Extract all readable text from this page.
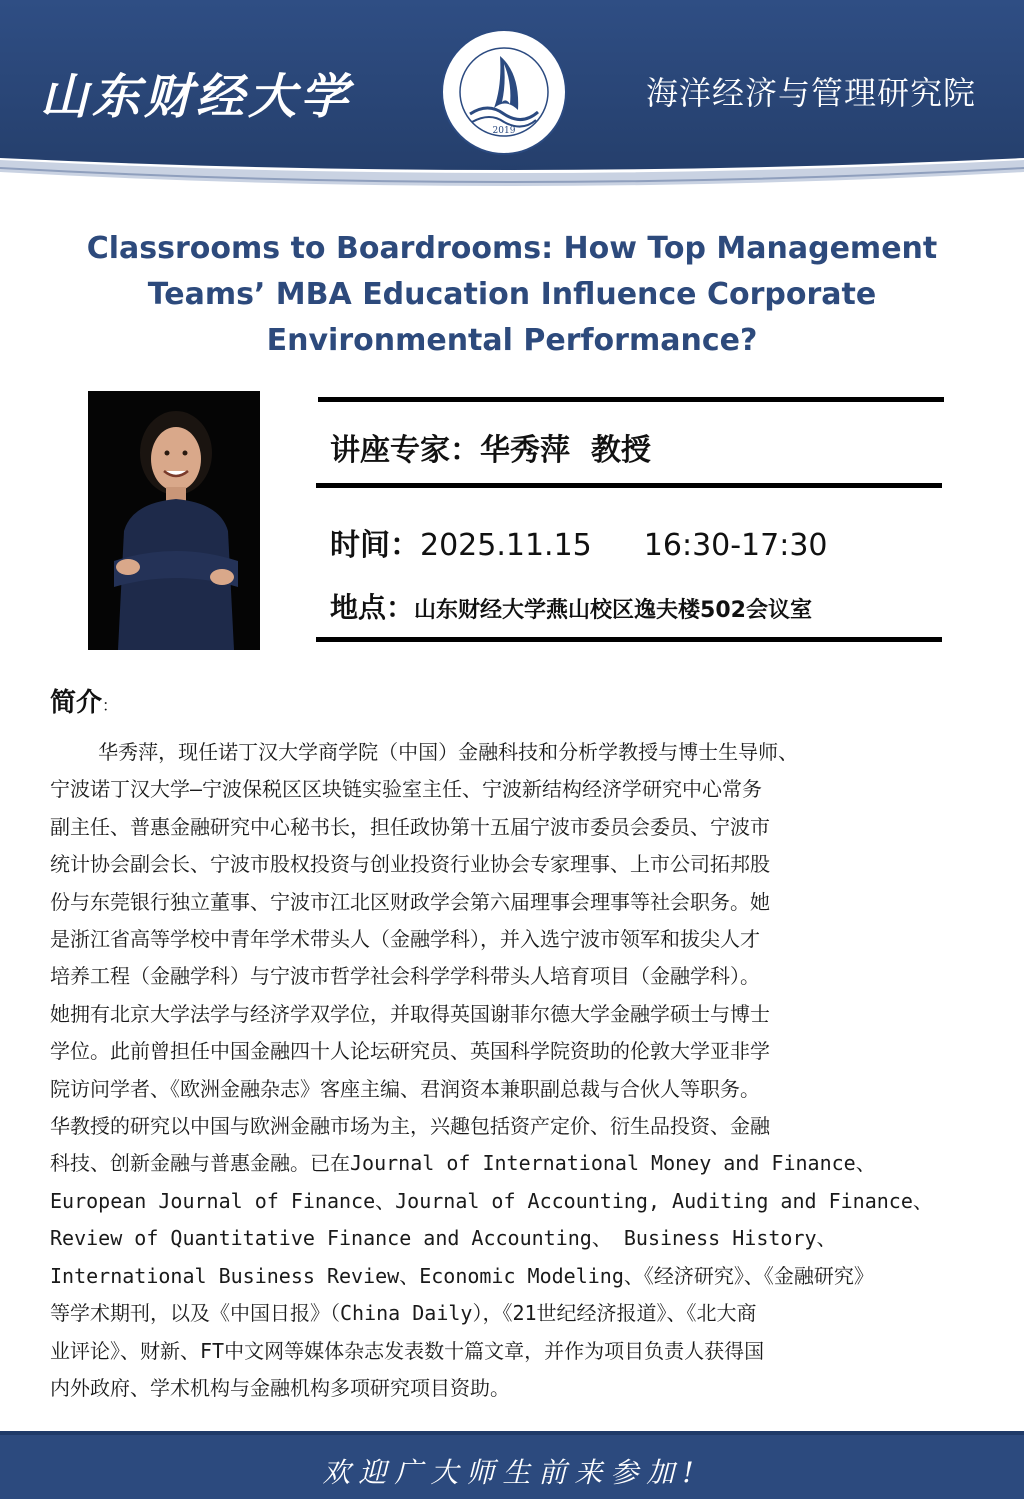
山东财经大学
2019
海洋经济与管理研究院
Classrooms to Boardrooms: How Top Management
Teams’ MBA Education Influence Corporate
Environmental Performance?
讲座专家：华秀萍  教授
时间：2025.11.15 16:30-17:30
地点：山东财经大学燕山校区逸夫楼502会议室
简介：
华秀萍，现任诺丁汉大学商学院（中国）金融科技和分析学教授与博士生导师、
宁波诺丁汉大学—宁波保税区区块链实验室主任、宁波新结构经济学研究中心常务
副主任、普惠金融研究中心秘书长，担任政协第十五届宁波市委员会委员、宁波市
统计协会副会长、宁波市股权投资与创业投资行业协会专家理事、上市公司拓邦股
份与东莞银行独立董事、宁波市江北区财政学会第六届理事会理事等社会职务。她
是浙江省高等学校中青年学术带头人（金融学科），并入选宁波市领军和拔尖人才
培养工程（金融学科）与宁波市哲学社会科学学科带头人培育项目（金融学科）。
她拥有北京大学法学与经济学双学位，并取得英国谢菲尔德大学金融学硕士与博士
学位。此前曾担任中国金融四十人论坛研究员、英国科学院资助的伦敦大学亚非学
院访问学者、《欧洲金融杂志》客座主编、君润资本兼职副总裁与合伙人等职务。
华教授的研究以中国与欧洲金融市场为主，兴趣包括资产定价、衍生品投资、金融
科技、创新金融与普惠金融。已在Journal of International Money and Finance、
European Journal of Finance、Journal of Accounting, Auditing and Finance、
Review of Quantitative Finance and Accounting、 Business History、
International Business Review、Economic Modeling、《经济研究》、《金融研究》
等学术期刊，以及《中国日报》（China Daily），《21世纪经济报道》、《北大商
业评论》、财新、FT中文网等媒体杂志发表数十篇文章，并作为项目负责人获得国
内外政府、学术机构与金融机构多项研究项目资助。
欢迎广大师生前来参加!
